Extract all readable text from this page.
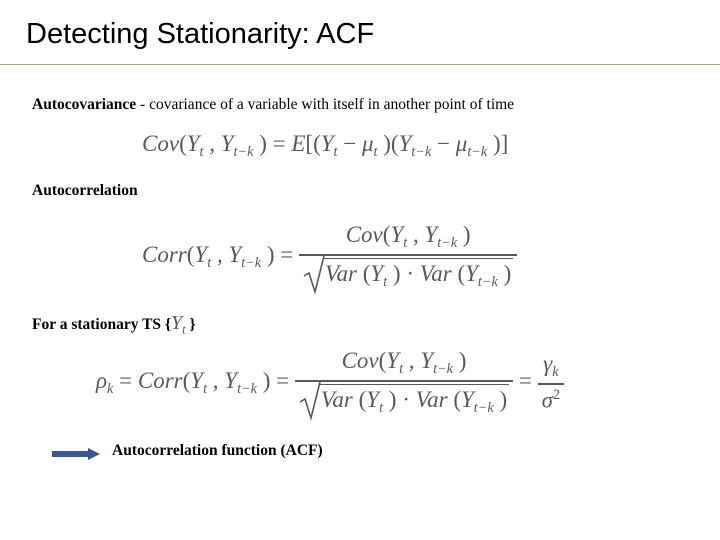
Detecting Stationarity: ACF
Autocovariance - covariance of a variable with itself in another point of time
$Cov(Y_t$ , $Y_{t-k}$ ) = $E[(Y_t - \mu_t$ )($Y_{t-k} - \mu_{t-k}$ )]
Autocorrelation
$Corr(Y_t$ , $Y_{t-k}$ ) = $\frac{Cov(Y_t , Y_{t-k} )}{Var (Y_t ) \cdot Var (Y_{t-k} )}$
For a stationary TS {$Y_t$ }
$\rho_k$ = $Corr(Y_t$ , $Y_{t-k}$ ) = $\frac{Cov(Y_t , Y_{t-k} )}{Var (Y_t ) \cdot Var (Y_{t-k} )} = \frac{\gamma_k}{\sigma^2}$
Autocorrelation function (ACF)
